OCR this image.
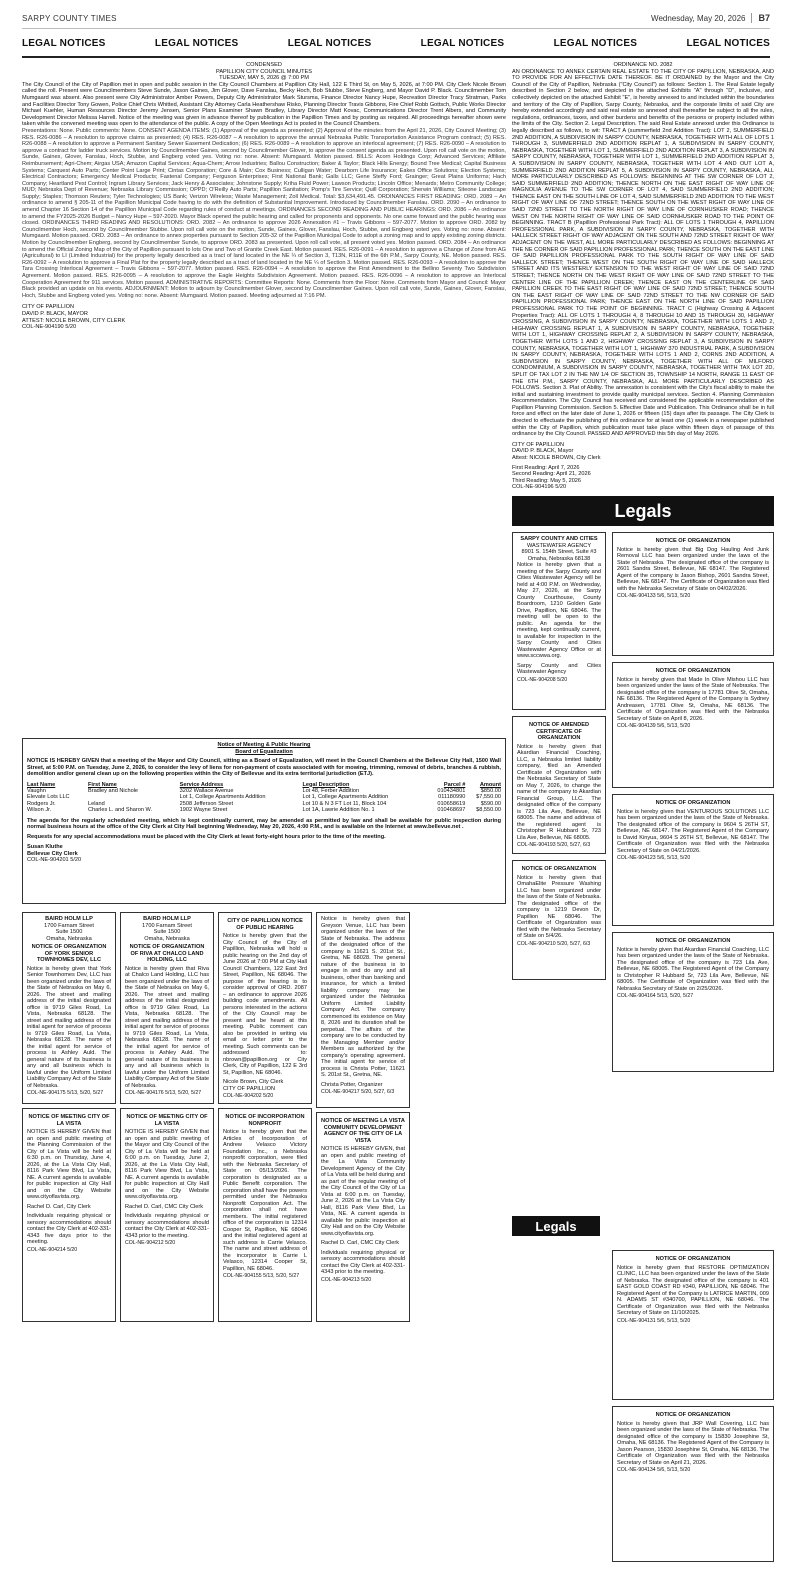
SARPY COUNTY TIMES	Wednesday, May 20, 2026	B7
LEGAL NOTICES	LEGAL NOTICES	LEGAL NOTICES	LEGAL NOTICES	LEGAL NOTICES	LEGAL NOTICES
CONDENSED
PAPILLION CITY COUNCIL MINUTES
TUESDAY, MAY 5, 2026 @ 7:00 PM
The City Council of the City of Papillion met in open and public session in the City Council Chambers at Papillion City Hall, 122 E Third St, on May 5, 2026, at 7:00 PM. City Clerk Nicole Brown called the roll. Present were Councilmembers Steve Sunde, Jason Gaines, Jim Glover, Dave Fanslau, Becky Hoch, Bob Stubbe, Steve Engberg, and Mayor David P. Black. Councilmember Tom Mumgaard was absent. Also present were City Administrator Amber Powers, Deputy City Administrator Mark Stursma, Finance Director Nancy Hupe, Recreation Director Tracy Stratman, Parks and Facilities Director Tony Gowen, Police Chief Chris Whitted, Assistant City Attorney Carla Heathershaw Risko, Planning Director Travis Gibbons, Fire Chief Robb Gottsch, Public Works Director Michael Kuehler, Human Resources Director Jeremy Jensen, Senior Plans Examiner Shawn Bradley, Library Director Matt Kovac, Communications Director Trent Albers, and Community Development Director Melissa Harrell. Notice of the meeting was given in advance thereof by publication in the Papillion Times and by posting as required. All proceedings hereafter shown were taken while the convened meeting was open to the attendance of the public. A copy of the Open Meetings Act is posted in the Council Chambers.
Presentations: None. Public comments: None. CONSENT AGENDA ITEMS: (1) Approval of the agenda as presented; (2) Approval of the minutes from the April 21, 2026, City Council Meeting; (3) RES. R26-0086 – A resolution to approve claims as presented; (4) RES. R26-0087 – A resolution to approve the annual Nebraska Public Transportation Assistance Program contract; (5) RES. R26-0088 – A resolution to approve a Permanent Sanitary Sewer Easement Dedication; (6) RES. R26-0089 – A resolution to approve an interlocal agreement; (7) RES. R26-0090 – A resolution to approve a contract for ladder truck services. Motion by Councilmember Gaines, second by Councilmember Glover, to approve the consent agenda as presented. Upon roll call vote on the motion, Sunde, Gaines, Glover, Fanslau, Hoch, Stubbe, and Engberg voted yes. Voting no: none. Absent: Mumgaard. Motion passed. BILLS: Acorn Holdings Corp; Advanced Services; Affiliate Reimbursement; Agri-Chem; Airgas USA; Amazon Capital Services; Aqua-Chem; Arrow Industries; Ballou Construction; Baker & Taylor; Black Hills Energy; Bound Tree Medical; Capital Business Systems; Carquest Auto Parts; Center Point Large Print; Cintas Corporation; Core & Main; Cox Business; Culligan Water; Dearborn Life Insurance; Eakes Office Solutions; Election Systems; Electrical Contractors; Emergency Medical Products; Fastenal Company; Ferguson Enterprises; First National Bank; Galls LLC; Gene Steffy Ford; Grainger; Great Plains Uniforms; Hach Company; Heartland Pest Control; Ingram Library Services; Jack Henry & Associates; Johnstone Supply; Kriha Fluid Power; Lawson Products; Lincoln Office; Menards; Metro Community College; MUD; Nebraska Dept of Revenue; Nebraska Library Commission; OPPD; O'Reilly Auto Parts; Papillion Sanitation; Pomp's Tire Service; Quill Corporation; Sherwin Williams; Siteone Landscape Supply; Staples; Thomson Reuters; Tyler Technologies; US Bank; Verizon Wireless; Waste Management; Zoll Medical. Total: $3,634,491.45. ORDINANCES FIRST READING: ORD. 2089 – An ordinance to amend § 205-11 of the Papillion Municipal Code having to do with the definition of Substantial Improvement. Introduced by Councilmember Fanslau. ORD. 2090 – An ordinance to amend Chapter 16 Section 14 of the Papillion Municipal Code regarding rules of conduct at meetings. ORDINANCES SECOND READING AND PUBLIC HEARINGS: ORD. 2086 – An ordinance to amend the FY2025-2026 Budget – Nancy Hupe – 597-2020. Mayor Black opened the public hearing and called for proponents and opponents. No one came forward and the public hearing was closed. ORDINANCES THIRD READING AND RESOLUTIONS: ORD. 2082 – An ordinance to approve 2026 Annexation #1 – Travis Gibbons – 597-2077. Motion to approve ORD. 2082 by Councilmember Hoch, second by Councilmember Stubbe. Upon roll call vote on the motion, Sunde, Gaines, Glover, Fanslau, Hoch, Stubbe, and Engberg voted yes. Voting no: none. Absent: Mumgaard. Motion passed. ORD. 2083 – An ordinance to annex properties pursuant to Section 205-32 of the Papillion Municipal Code to adopt a zoning map and to apply existing zoning districts. Motion by Councilmember Engberg, second by Councilmember Sunde, to approve ORD. 2083 as presented. Upon roll call vote, all present voted yes. Motion passed. ORD. 2084 – An ordinance to amend the Official Zoning Map of the City of Papillion pursuant to lots One and Two of Granite Creek East. Motion passed. RES. R26-0091 – A resolution to approve a Change of Zone from AG (Agricultural) to LI (Limited Industrial) for the property legally described as a tract of land located in the NE ¼ of Section 3, T13N, R11E of the 6th P.M., Sarpy County, NE. Motion passed. RES. R26-0092 – A resolution to approve a Final Plat for the property legally described as a tract of land located in the NE ¼ of Section 3. Motion passed. RES. R26-0093 – A resolution to approve the Tara Crossing Interlocal Agreement – Travis Gibbons – 597-2077. Motion passed. RES. R26-0094 – A resolution to approve the First Amendment to the Bellino Seventy Two Subdivision Agreement. Motion passed. RES. R26-0095 – A resolution to approve the Eagle Heights Subdivision Agreement. Motion passed. RES. R26-0096 – A resolution to approve an Interlocal Cooperation Agreement for 911 services. Motion passed. ADMINISTRATIVE REPORTS: Committee Reports: None. Comments from the Floor: None. Comments from Mayor and Council: Mayor Black provided an update on his events. ADJOURNMENT: Motion to adjourn by Councilmember Glover, second by Councilmember Gaines. Upon roll call vote, Sunde, Gaines, Glover, Fanslau, Hoch, Stubbe and Engberg voted yes. Voting no: none. Absent: Mumgaard. Motion passed. Meeting adjourned at 7:16 PM.
CITY OF PAPILLION
DAVID P. BLACK, MAYOR
ATTEST: NICOLE BROWN, CITY CLERK
COL-NE-904190 5/20
Notice of Meeting & Public Hearing
Board of Equalization
NOTICE IS HEREBY GIVEN that a meeting of the Mayor and City Council, sitting as a Board of Equalization, will meet in the Council Chambers at the Bellevue City Hall, 1500 Wall Street, at 5:00 P.M. on Tuesday, June 2, 2026, to consider the levy of liens for non-payment of costs associated with for mowing, trimming, removal of debris, branches & rubbish, demolition and/or general clean up on the following properties within the City of Bellevue and its extra territorial jurisdiction (ETJ).
Last Name	First Name	Service Address	Legal Description	Parcel #	Amount
Vaughn	Bradley and Nichole	3202 Wallace Avenue	Lot 48, Ferber Addition	010434801	$850.00
Elevate Lots LLC		Lot 1, College Apartments Addition	Lot 1, College Apartments Addition	011180990	$7,550.00
Rodgers Jr.	Leland	2508 Jefferson Street	Lot 10 & N 3 FT Lot 11, Block 104	010658619	$590.00
Wilson Jr.	Charles L. and Sharon W.	1902 Wayne Street	Lot 1A, Lawrie Addition No. 1	010468697	$8,550.00
The agenda for the regularly scheduled meeting, which is kept continually current, may be amended as permitted by law and shall be available for public inspection during normal business hours at the office of the City Clerk at City Hall beginning Wednesday, May 20, 2026, 4:00 P.M., and is available on the Internet at www.bellevue.net .
Requests for any special accommodations must be placed with the City Clerk at least forty-eight hours prior to the time of the meeting.
Susan Kluthe
Bellevue City Clerk
COL-NE-904201 5/20
ORDINANCE NO. 2082
AN ORDINANCE TO ANNEX CERTAIN REAL ESTATE TO THE CITY OF PAPILLION, NEBRASKA, AND TO PROVIDE FOR AN EFFECTIVE DATE THEREOF. BE IT ORDAINED by the Mayor and the City Council of the City of Papillion, Nebraska ("City Council") as follows: Section 1. The Real Estate legally described in Section 2 below, and depicted in the attached Exhibits "A" through "D", inclusive, and collectively depicted on the attached Exhibit "E", is hereby annexed to and included within the boundaries and territory of the City of Papillion, Sarpy County, Nebraska, and the corporate limits of said City are hereby extended accordingly and said real estate so annexed shall thereafter be subject to all the rules, regulations, ordinances, taxes, and other burdens and benefits of the persons or property included within the limits of the City. Section 2. Legal Description. The said Real Estate annexed under this Ordinance is legally described as follows, to wit: TRACT A (summerfield 2nd Addition Tract): LOT 2, SUMMERFIELD 2ND ADDITION, A SUBDIVISION IN SARPY COUNTY, NEBRASKA, TOGETHER WITH ALL OF LOTS 1 THROUGH 3, SUMMERFIELD 2ND ADDITION REPLAT 1, A SUBDIVISION IN SARPY COUNTY, NEBRASKA, TOGETHER WITH LOT 1, SUMMERFIELD 2ND ADDITION REPLAT 3, A SUBDIVISION IN SARPY COUNTY, NEBRASKA, TOGETHER WITH LOT 1, SUMMERFIELD 2ND ADDITION REPLAT 3, A SUBDIVISION IN SARPY COUNTY, NEBRASKA, TOGETHER WITH LOT 4 AND OUT LOT A, SUMMERFIELD 2ND ADDITION REPLAT 5, A SUBDIVISION IN SARPY COUNTY, NEBRASKA, ALL MORE PARTICULARLY DESCRIBED AS FOLLOWS: BEGINNING AT THE SW CORNER OF LOT 2, SAID SUMMERFIELD 2ND ADDITION; THENCE NORTH ON THE EAST RIGHT OF WAY LINE OF MAGNOLIA AVENUE TO THE SW CORNER OF LOT 4, SAID SUMMERFIELD 2ND ADDITION; THENCE EAST ON THE SOUTH LINE OF LOT 4, SAID SUMMERFIELD 2ND ADDITION TO THE WEST RIGHT OF WAY LINE OF 72ND STREET; THENCE SOUTH ON THE WEST RIGHT OF WAY LINE OF SAID 72ND STREET TO THE NORTH RIGHT OF WAY LINE OF CORNHUSKER ROAD; THENCE WEST ON THE NORTH RIGHT OF WAY LINE OF SAID CORNHUSKER ROAD TO THE POINT OF BEGINNING. TRACT B (Papillion Professional Park Tract): ALL OF LOTS 1 THROUGH 4, PAPILLION PROFESSIONAL PARK, A SUBDIVISION IN SARPY COUNTY, NEBRASKA, TOGETHER WITH HALLECK STREET RIGHT OF WAY ADJACENT ON THE SOUTH AND 72ND STREET RIGHT OF WAY ADJACENT ON THE WEST, ALL MORE PARTICULARLY DESCRIBED AS FOLLOWS: BEGINNING AT THE NE CORNER OF SAID PAPILLION PROFESSIONAL PARK; THENCE SOUTH ON THE EAST LINE OF SAID PAPILLION PROFESSIONAL PARK TO THE SOUTH RIGHT OF WAY LINE OF SAID HALLECK STREET; THENCE WEST ON THE SOUTH RIGHT OF WAY LINE OF SAID HALLECK STREET AND ITS WESTERLY EXTENSION TO THE WEST RIGHT OF WAY LINE OF SAID 72ND STREET; THENCE NORTH ON THE WEST RIGHT OF WAY LINE OF SAID 72ND STREET TO THE CENTER LINE OF THE PAPILLION CREEK; THENCE EAST ON THE CENTERLINE OF SAID PAPILLION CREEK TO THE EAST RIGHT OF WAY LINE OF SAID 72ND STREET; THENCE SOUTH ON THE EAST RIGHT OF WAY LINE OF SAID 72ND STREET TO THE NW CORNER OF SAID PAPILLION PROFESSIONAL PARK; THENCE EAST ON THE NORTH LINE OF SAID PAPILLION PROFESSIONAL PARK TO THE POINT OF BEGINNING. TRACT C (Highway Crossing & Adjacent Properties Tract): ALL OF LOTS 1 THROUGH 4, 8 THROUGH 10 AND 15 THROUGH 30, HIGHWAY CROSSING, A SUBDIVISION IN SARPY COUNTY, NEBRASKA, TOGETHER WITH LOTS 1 AND 2, HIGHWAY CROSSING REPLAT 1, A SUBDIVISION IN SARPY COUNTY, NEBRASKA, TOGETHER WITH LOT 1, HIGHWAY CROSSING REPLAT 2, A SUBDIVISION IN SARPY COUNTY, NEBRASKA, TOGETHER WITH LOTS 1 AND 2, HIGHWAY CROSSING REPLAT 3, A SUBDIVISION IN SARPY COUNTY, NEBRASKA, TOGETHER WITH LOT 1, HIGHWAY 370 INDUSTRIAL PARK, A SUBDIVISION IN SARPY COUNTY, NEBRASKA, TOGETHER WITH LOTS 1 AND 2, CORNS 2ND ADDITION, A SUBDIVISION IN SARPY COUNTY, NEBRASKA, TOGETHER WITH ALL OF MILFORD CONDOMINIUM, A SUBDIVISION IN SARPY COUNTY, NEBRASKA, TOGETHER WITH TAX LOT 2D, SPLIT OF TAX LOT 2 IN THE NW 1/4 OF SECTION 35, TOWNSHIP 14 NORTH, RANGE 11 EAST OF THE 6TH P.M., SARPY COUNTY, NEBRASKA, ALL MORE PARTICULARLY DESCRIBED AS FOLLOWS. Section 3. Plat of Ability. The annexation is consistent with the City's fiscal ability to make the initial and sustaining investment to provide quality municipal services. Section 4. Planning Commission Recommendation. The City Council has received and considered the applicable recommendation of the Papillion Planning Commission. Section 5. Effective Date and Publication. This Ordinance shall be in full force and effect on the later date of June 1, 2026 or fifteen (15) days after its passage. The City Clerk is directed to effectuate the publishing of this ordinance for at least one (1) week in a newspaper published within the City of Papillion, which publication must take place within fifteen days of passage of this ordinance by the City Council. PASSED AND APPROVED this 5th day of May 2026.
CITY OF PAPILLION
DAVID P. BLACK, Mayor
Attest: NICOLE BROWN, City Clerk
First Reading: April 7, 2026
Second Reading: April 21, 2026
Third Reading: May 5, 2026
COL-NE-904196 5/20
Legals
BAIRD HOLM LLP
1700 Farnam Street
Suite 1500
Omaha, Nebraska
NOTICE OF ORGANIZATION OF YORK SENIOR TOWNHOMES DEV, LLC
Notice is hereby given that York Senior Townhomes Dev, LLC has been organized under the laws of the State of Nebraska on May 6, 2026. The street and mailing address of the initial designated office is 9719 Giles Road, La Vista, Nebraska 68128. The street and mailing address of the initial agent for service of process is 9719 Giles Road, La Vista, Nebraska 68128. The name of the initial agent for service of process is Ashley Auld. The general nature of its business is any and all business which is lawful under the Uniform Limited Liability Company Act of the State of Nebraska.
COL-NE-904175 5/13, 5/20, 5/27
BAIRD HOLM LLP
1700 Farnam Street
Suite 1500
Omaha, Nebraska
NOTICE OF ORGANIZATION OF RIVA AT CHALCO LAND HOLDING, LLC
Notice is hereby given that Riva at Chalco Land Holding, LLC has been organized under the laws of the State of Nebraska on May 6, 2026. The street and mailing address of the initial designated office is 9719 Giles Road, La Vista, Nebraska 68128. The street and mailing address of the initial agent for service of process is 9719 Giles Road, La Vista, Nebraska 68128. The name of the initial agent for service of process is Ashley Auld. The general nature of its business is any and all business which is lawful under the Uniform Limited Liability Company Act of the State of Nebraska.
COL-NE-904176 5/13, 5/20, 5/27
CITY OF PAPILLION NOTICE OF PUBLIC HEARING
Notice is hereby given that the City Council of the City of Papillion, Nebraska will hold a public hearing on the 2nd day of June 2026 at 7:00 PM at City Hall Council Chambers, 122 East 3rd Street, Papillion, NE 68046. The purpose of the hearing is to consider approval of ORD. 2087 – an ordinance to approve 2026 building code amendments. All persons interested in the actions of the City Council may be present and be heard at this meeting. Public comment can also be provided in writing via email or letter prior to the meeting. Such comments can be addressed to: nbrown@papillion.org or City Clerk, City of Papillion, 122 E 3rd St, Papillion, NE 68046.
Nicole Brown, City Clerk
CITY OF PAPILLION
COL-NE-904202 5/20
Notice is hereby given that Greyson Venue, LLC has been organized under the laws of the State of Nebraska. The address of the designated office of the company is 11621 S. 201st St., Gretna, NE 68028. The general nature of the business is to engage in and do any and all business, other than banking and insurance, for which a limited liability company may be organized under the Nebraska Uniform Limited Liability Company Act. The company commenced its existence on May 8, 2026 and its duration shall be perpetual. The affairs of the company are to be conducted by the Managing Member and/or Members as authorized by the company's operating agreement. The initial agent for service of process is Christa Potter, 11621 S. 201st St., Gretna, NE.
Christa Potter, Organizer
COL-NE-904217 5/20, 5/27, 6/3
NOTICE OF MEETING CITY OF LA VISTA
NOTICE IS HEREBY GIVEN that an open and public meeting of the Planning Commission of the City of La Vista will be held at 6:30 p.m. on Thursday, June 4, 2026, at the La Vista City Hall, 8116 Park View Blvd, La Vista, NE. A current agenda is available for public inspection at City Hall and on the City Website www.cityoflavista.org.
Rachel D. Carl, City Clerk
Individuals requiring physical or sensory accommodations should contact the City Clerk at 402-331-4343 five days prior to the meeting.
COL-NE-904214 5/20
NOTICE OF MEETING CITY OF LA VISTA
NOTICE IS HEREBY GIVEN that an open and public meeting of the Mayor and City Council of the City of La Vista will be held at 6:00 p.m. on Tuesday, June 2, 2026, at the La Vista City Hall, 8116 Park View Blvd, La Vista, NE. A current agenda is available for public inspection at City Hall and on the City Website www.cityoflavista.org.
Rachel D. Carl, CMC City Clerk
Individuals requiring physical or sensory accommodations should contact the City Clerk at 402-331-4343 prior to the meeting.
COL-NE-904212 5/20
NOTICE OF INCORPORATION NONPROFIT
Notice is hereby given that the Articles of Incorporation of Andrew Velasco Victory Foundation Inc., a Nebraska nonprofit corporation, were filed with the Nebraska Secretary of State on 05/13/2026. The corporation is designated as a Public Benefit corporation. The corporation shall have the powers permitted under the Nebraska Nonprofit Corporation Act. The corporation shall not have members. The initial registered office of the corporation is 12314 Cooper St, Papillion, NE 68046 and the initial registered agent at such address is Carrie Velasco. The name and street address of the incorporator is Carrie L Velasco, 12314 Cooper St, Papillion, NE 68046.
COL-NE-904155 5/13, 5/20, 5/27
NOTICE OF MEETING LA VISTA COMMUNITY DEVELOPMENT AGENCY OF THE CITY OF LA VISTA
NOTICE IS HEREBY GIVEN, that an open and public meeting of the La Vista Community Development Agency of the City of La Vista will be held during and as part of the regular meeting of the City Council of the City of La Vista at 6:00 p.m. on Tuesday, June 2, 2026 at the La Vista City Hall, 8116 Park View Blvd, La Vista, NE. A current agenda is available for public inspection at City Hall and on the City Website www.cityoflavista.org.
Rachel D. Carl, CMC City Clerk
Individuals requiring physical or sensory accommodations should contact the City Clerk at 402-331-4343 prior to the meeting.
COL-NE-904213 5/20
SARPY COUNTY AND CITIES
WASTEWATER AGENCY
8901 S. 154th Street, Suite #3
Omaha, Nebraska 68138
Notice is hereby given that a meeting of the Sarpy County and Cities Wastewater Agency will be held at 4:00 P.M. on Wednesday, May 27, 2026, at the Sarpy County Courthouse, County Boardroom, 1210 Golden Gate Drive, Papillion, NE 68046. The meeting will be open to the public. An agenda for the meeting, kept continually current, is available for inspection in the Sarpy County and Cities Wastewater Agency Office or at www.sccwwa.org.
Sarpy County and Cities Wastewater Agency
COL-NE-904208 5/20
NOTICE OF AMENDED CERTIFICATE OF ORGANIZATION
Notice is hereby given that Akardian Financial Coaching, LLC, a Nebraska limited liability company, filed an Amended Certificate of Organization with the Nebraska Secretary of State on May 7, 2026, to change the name of the company to Akardian Financial Group, LLC. The designated office of the company is 723 Lila Ave, Bellevue, NE 68005. The name and address of the registered agent is Christopher R Hubbard Sr, 723 Lila Ave, Bellevue, NE 68005.
COL-NE-904193 5/20, 5/27, 6/3
NOTICE OF ORGANIZATION
Notice is hereby given that OmahaElite Pressure Washing LLC has been organized under the laws of the State of Nebraska. The designated office of the company is 1219 Devon Dr, Papillion NE 68046. The Certificate of Organization was filed with the Nebraska Secretary of State on 5/4/26.
COL-NE-904210 5/20, 5/27, 6/3
NOTICE OF ORGANIZATION
Notice is hereby given that Big Dog Hauling And Junk Removal LLC has been organized under the laws of the State of Nebraska. The designated office of the company is 2601 Sandra Street, Bellevue, NE 68147. The Registered Agent of the company is Jason Bishop, 2601 Sandra Street, Bellevue, NE 68147. The Certificate of Organization was filed with the Nebraska Secretary of State on 04/02/2026.
COL-NE-904133 5/6, 5/13, 5/20
NOTICE OF ORGANIZATION
Notice is hereby given that Made In Olive Mishou LLC has been organized under the laws of the State of Nebraska. The designated office of the company is 17781 Olive St, Omaha, NE 68136. The Registered Agent of the Company is Sydney Andreasen, 17781 Olive St, Omaha, NE 68136. The Certificate of Organization was filed with the Nebraska Secretary of State on April 8, 2026.
COL-NE-904139 5/6, 5/13, 5/20
NOTICE OF ORGANIZATION
Notice is hereby given that VENTUROUS SOLUTIONS LLC has been organized under the laws of the State of Nebraska. The designated office of the company is 9604 S 26TH ST, Bellevue, NE 68147. The Registered Agent of the Company is David Kinyua, 9604 S 26TH ST, Bellevue, NE 68147. The Certificate of Organization was filed with the Nebraska Secretary of State on 04/21/2026.
COL-NE-904123 5/6, 5/13, 5/20
NOTICE OF ORGANIZATION
Notice is hereby given that Akardian Financial Coaching, LLC has been organized under the laws of the State of Nebraska. The designated office of the company is 723 Lila Ave, Bellevue, NE 68005. The Registered Agent of the Company is Christopher R Hubbard Sr, 723 Lila Ave, Bellevue, NE 68005. The Certificate of Organization was filed with the Nebraska Secretary of State on 2/25/2026.
COL-NE-904164 5/13, 5/20, 5/27
NOTICE OF ORGANIZATION
Notice is hereby given that RESTORE OPTIMIZATION CLINIC, LLC has been organized under the laws of the State of Nebraska. The designated office of the company is 401 EAST GOLD COAST RD #340, PAPILLION, NE 68046. The Registered Agent of the Company is LATRICE MARTIN, 009 N. ADAMS ST #340700, PAPILLION, NE 68046. The Certificate of Organization was filed with the Nebraska Secretary of State on 11/10/2025.
COL-NE-904131 5/6, 5/13, 5/20
NOTICE OF ORGANIZATION
Notice is hereby given that JRP Wall Covering, LLC has been organized under the laws of the State of Nebraska. The designated office of the company is 15830 Josephine St, Omaha, NE 68136. The Registered Agent of the Company is Jason Pearson, 15830 Josephine St, Omaha, NE 68136. The Certificate of Organization was filed with the Nebraska Secretary of State on April 21, 2026.
COL-NE-904134 5/6, 5/13, 5/20
Legals
